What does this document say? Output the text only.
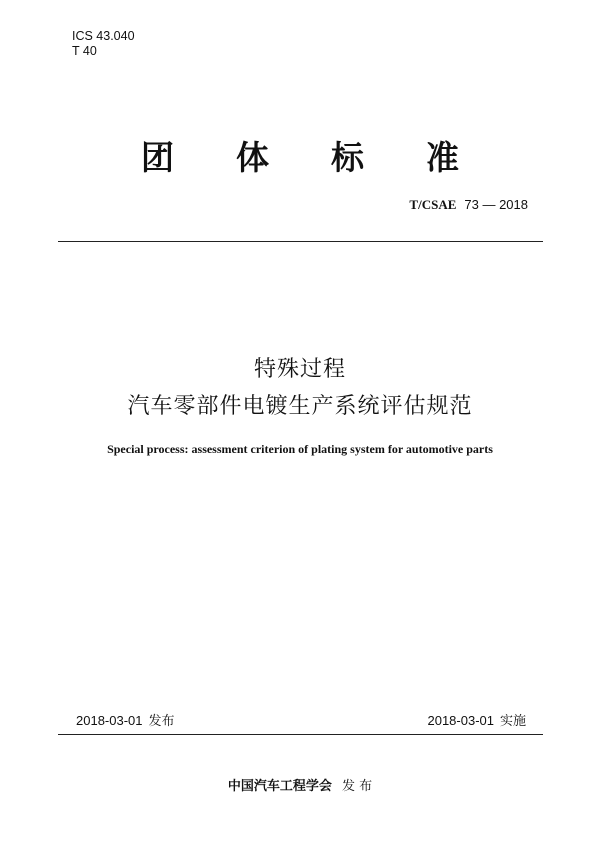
ICS 43.040
T 40
团 体 标 准
T/CSAE 73 — 2018
特殊过程
汽车零部件电镀生产系统评估规范
Special process: assessment criterion of plating system for automotive parts
2018-03-01 发布	2018-03-01 实施
中国汽车工程学会 发 布
